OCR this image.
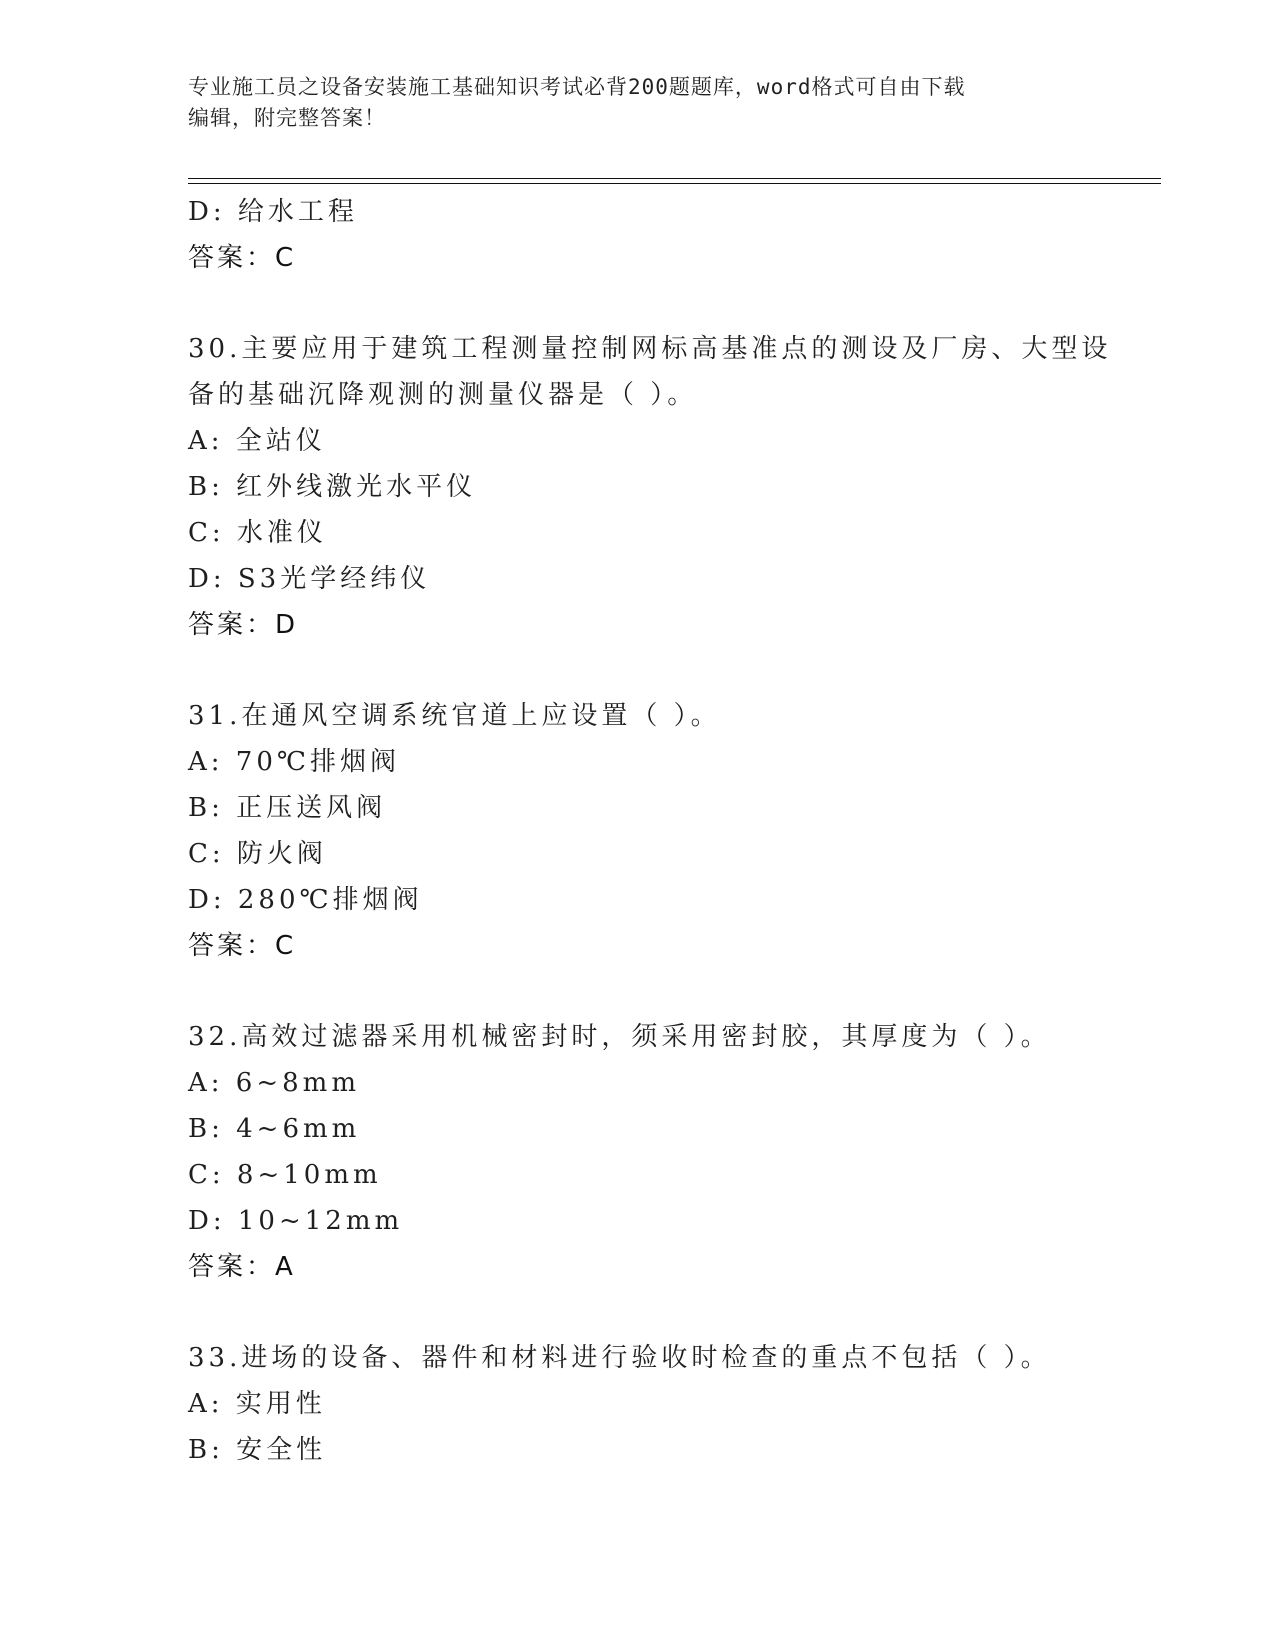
专业施工员之设备安装施工基础知识考试必背200题题库，word格式可自由下载
编辑，附完整答案！
D: 给水工程
答案：C
30.主要应用于建筑工程测量控制网标高基准点的测设及厂房、大型设
备的基础沉降观测的测量仪器是（ ）。
A: 全站仪
B: 红外线激光水平仪
C: 水准仪
D: S3光学经纬仪
答案：D
31.在通风空调系统官道上应设置（ ）。
A: 70℃排烟阀
B: 正压送风阀
C: 防火阀
D: 280℃排烟阀
答案：C
32.高效过滤器采用机械密封时，须采用密封胶，其厚度为（ ）。
A: 6~8mm
B: 4~6mm
C: 8~10mm
D: 10~12mm
答案：A
33.进场的设备、器件和材料进行验收时检查的重点不包括（ ）。
A: 实用性
B: 安全性
